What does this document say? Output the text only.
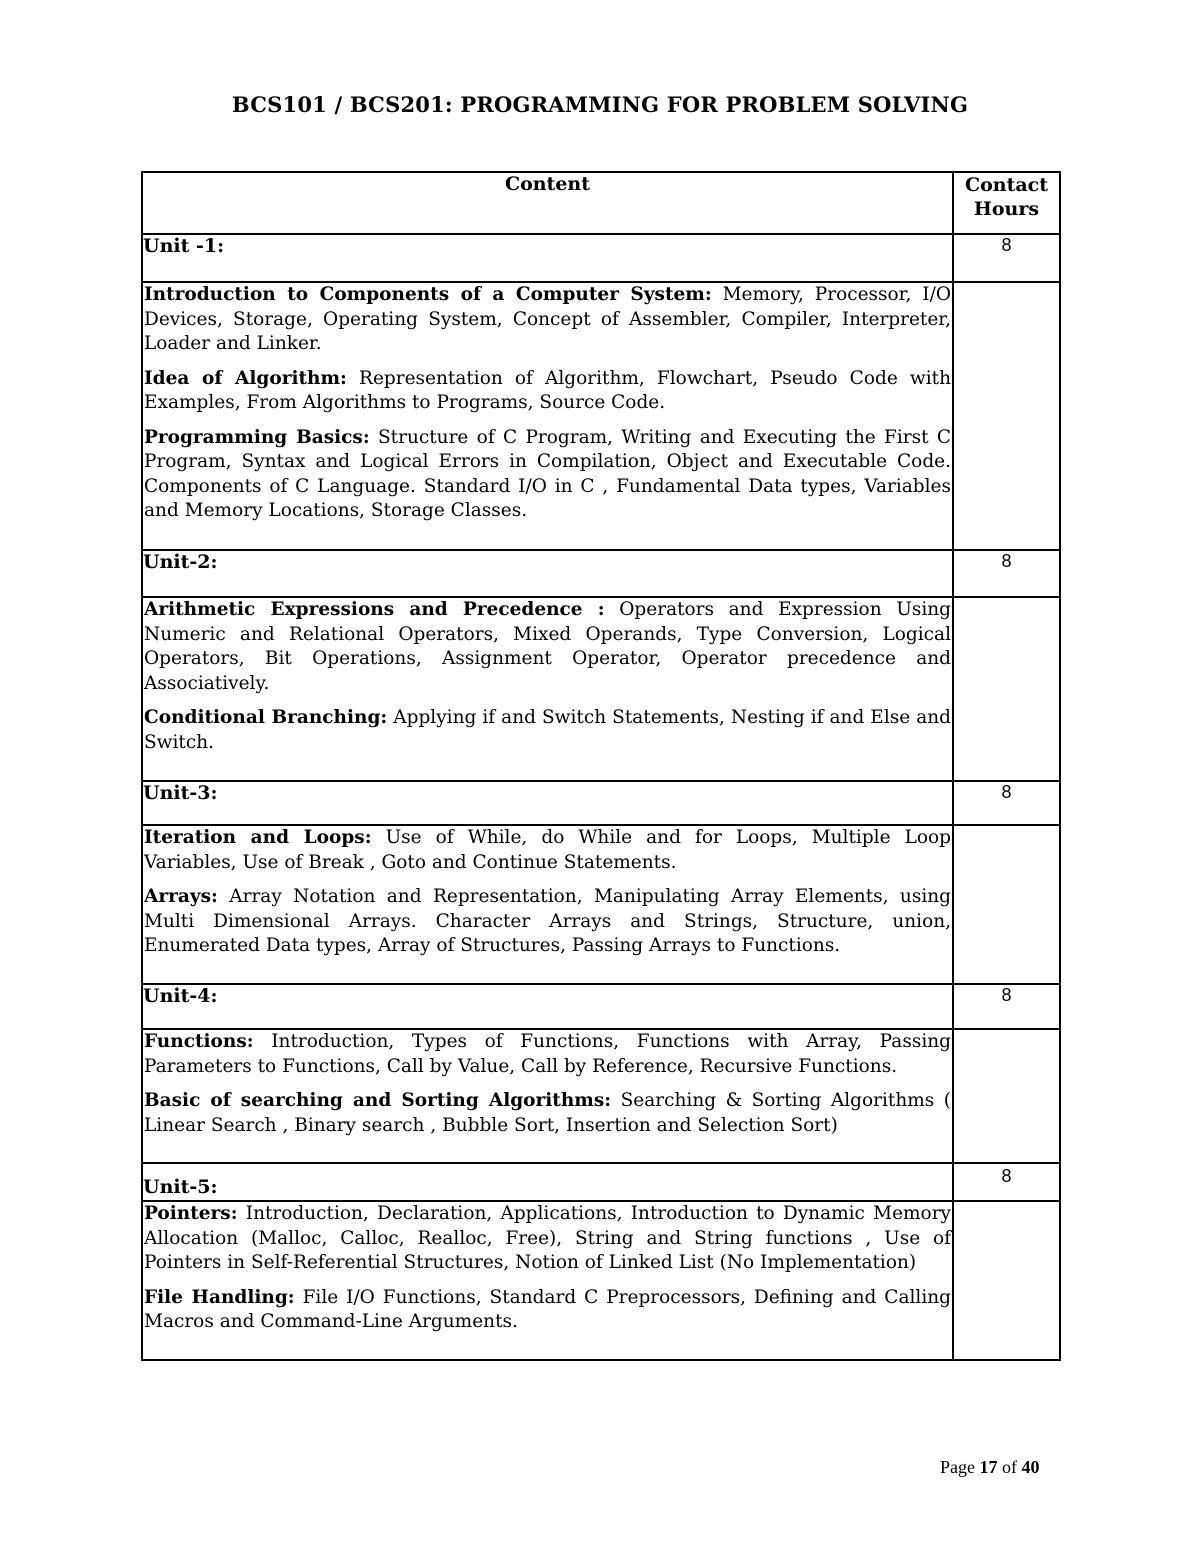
BCS101 / BCS201: PROGRAMMING FOR PROBLEM SOLVING
Content	Contact
Hours
Unit -1:	8

Introduction to Components of a Computer System: Memory, Processor, I/O Devices, Storage, Operating System, Concept of Assembler, Compiler, Interpreter, Loader and Linker.

Idea of Algorithm: Representation of Algorithm, Flowchart, Pseudo Code with Examples, From Algorithms to Programs, Source Code.

Programming Basics: Structure of C Program, Writing and Executing the First C Program, Syntax and Logical Errors in Compilation, Object and Executable Code. Components of C Language. Standard I/O in C , Fundamental Data types, Variables and Memory Locations, Storage Classes.	

Unit-2:	8

Arithmetic Expressions and Precedence : Operators and Expression Using Numeric and Relational Operators, Mixed Operands, Type Conversion, Logical Operators, Bit Operations, Assignment Operator, Operator precedence and Associatively.

Conditional Branching: Applying if and Switch Statements, Nesting if and Else and Switch.	

Unit-3:	8

Iteration and Loops: Use of While, do While and for Loops, Multiple Loop Variables, Use of Break , Goto and Continue Statements.

Arrays: Array Notation and Representation, Manipulating Array Elements, using Multi Dimensional Arrays. Character Arrays and Strings, Structure, union, Enumerated Data types, Array of Structures, Passing Arrays to Functions.	

Unit-4:	8

Functions: Introduction, Types of Functions, Functions with Array, Passing Parameters to Functions, Call by Value, Call by Reference, Recursive Functions.

Basic of searching and Sorting Algorithms: Searching & Sorting Algorithms ( Linear Search , Binary search , Bubble Sort, Insertion and Selection Sort)	

Unit-5:	8

Pointers: Introduction, Declaration, Applications, Introduction to Dynamic Memory Allocation (Malloc, Calloc, Realloc, Free), String and String functions , Use of Pointers in Self-Referential Structures, Notion of Linked List (No Implementation)

File Handling: File I/O Functions, Standard C Preprocessors, Defining and Calling Macros and Command-Line Arguments.	

Page 17 of 40
